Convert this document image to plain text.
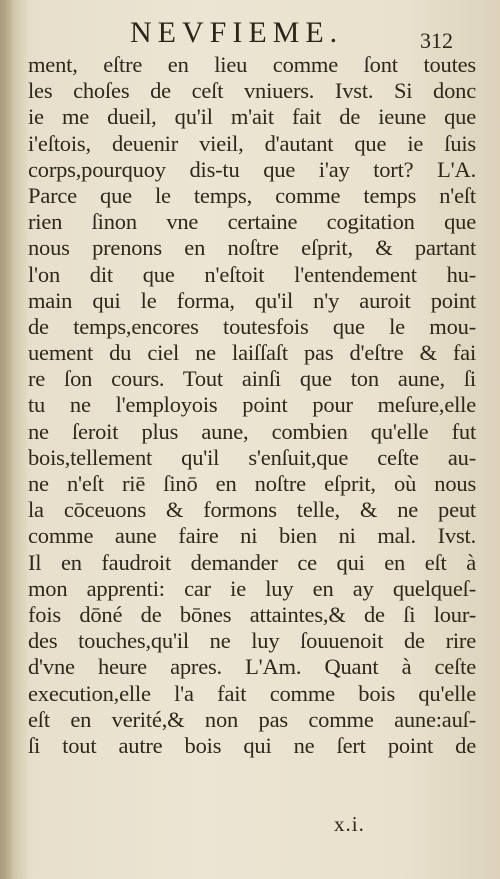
NEVFIEME.	312
ment, eſtre en lieu comme ſont toutes
les choſes de ceſt vniuers. Ivst. Si donc
ie me dueil, qu'il m'ait fait de ieune que
i'eſtois, deuenir vieil, d'autant que ie ſuis
corps,pourquoy dis-tu que i'ay tort? L'A.
Parce que le temps, comme temps n'eſt
rien ſinon vne certaine cogitation que
nous prenons en noſtre eſprit, & partant
l'on dit que n'eſtoit l'entendement hu-
main qui le forma, qu'il n'y auroit point
de temps,encores toutesfois que le mou-
uement du ciel ne laiſſaſt pas d'eſtre & fai
re ſon cours. Tout ainſi que ton aune, ſi
tu ne l'employois point pour meſure,elle
ne ſeroit plus aune, combien qu'elle fut
bois,tellement qu'il s'enſuit,que ceſte au-
ne n'eſt riē ſinō en noſtre eſprit, où nous
la cōceuons & formons telle, & ne peut
comme aune faire ni bien ni mal. Ivst.
Il en faudroit demander ce qui en eſt à
mon apprenti: car ie luy en ay quelqueſ-
fois dōné de bōnes attaintes,& de ſi lour-
des touches,qu'il ne luy ſouuenoit de rire
d'vne heure apres. L'Am. Quant à ceſte
execution,elle l'a fait comme bois qu'elle
eſt en verité,& non pas comme aune:auſ-
ſi tout autre bois qui ne ſert point de
x.i.
